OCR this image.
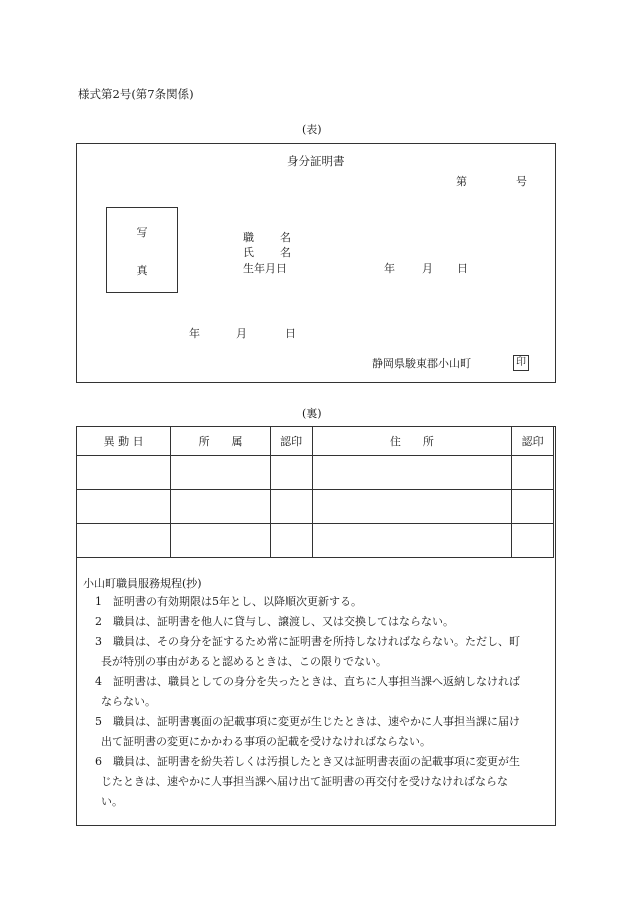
様式第2号(第7条関係)
(表)
身分証明書
第	号
写
真
職 名
氏 名
生年月日	年 月 日
年	月	日
静岡県駿東郡小山町	印
(裏)
異 動 日	所　　属	認印	住　　所	認印

小山町職員服務規程(抄)
1　証明書の有効期限は5年とし、以降順次更新する。
2　職員は、証明書を他人に貸与し、譲渡し、又は交換してはならない。
3　職員は、その身分を証するため常に証明書を所持しなければならない。ただし、町
長が特別の事由があると認めるときは、この限りでない。
4　証明書は、職員としての身分を失ったときは、直ちに人事担当課へ返納しなければ
ならない。
5　職員は、証明書裏面の記載事項に変更が生じたときは、速やかに人事担当課に届け
出て証明書の変更にかかわる事項の記載を受けなければならない。
6　職員は、証明書を紛失若しくは汚損したとき又は証明書表面の記載事項に変更が生
じたときは、速やかに人事担当課へ届け出て証明書の再交付を受けなければならな
い。
